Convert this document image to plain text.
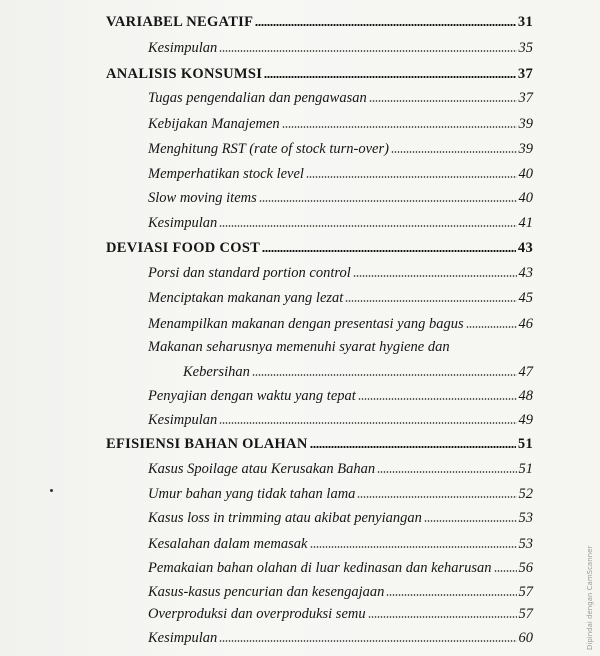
VARIABEL NEGATIF	31
Kesimpulan	35
ANALISIS KONSUMSI	37
Tugas pengendalian dan pengawasan	37
Kebijakan Manajemen	39
Menghitung RST (rate of stock turn-over)	39
Memperhatikan stock level	40
Slow moving items	40
Kesimpulan	41
DEVIASI FOOD COST	43
Porsi dan standard portion control	43
Menciptakan makanan yang lezat	45
Menampilkan makanan dengan presentasi yang bagus	46
Makanan seharusnya memenuhi syarat hygiene dan
Kebersihan	47
Penyajian dengan waktu yang tepat	48
Kesimpulan	49
EFISIENSI BAHAN OLAHAN	51
Kasus Spoilage atau Kerusakan Bahan	51
Umur bahan yang tidak tahan lama	52
Kasus loss in trimming atau akibat penyiangan	53
Kesalahan dalam memasak	53
Pemakaian bahan olahan di luar kedinasan dan keharusan 56
Kasus-kasus pencurian dan kesengajaan	57
Overproduksi dan overproduksi semu	57
Kesimpulan	60	Dipindai dengan CamScanner
